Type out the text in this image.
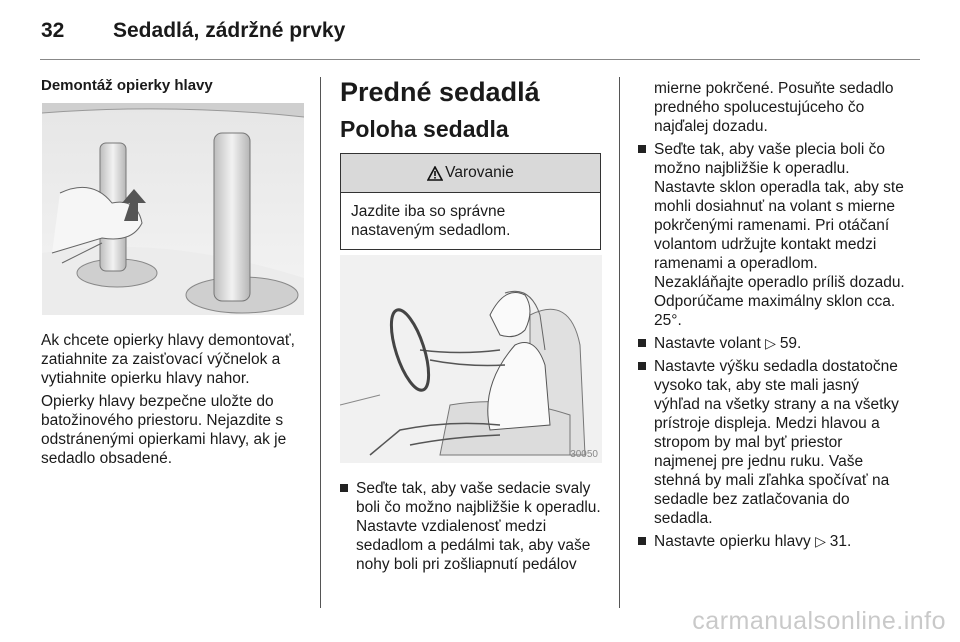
32 Sedadlá, zádržné prvky
Demontáž opierky hlavy

Ak chcete opierky hlavy demontovať, zatiahnite za zaisťovací výčnelok a vytiahnite opierku hlavy nahor.

Opierky hlavy bezpečne uložte do batožinového priestoru. Nejazdite s odstránenými opierkami hlavy, ak je sedadlo obsadené.

Predné sedadlá
Poloha sedadla
Varovanie
Jazdite iba so správne nastaveným sedadlom.
30050
Seďte tak, aby vaše sedacie svaly boli čo možno najbližšie k operadlu. Nastavte vzdialenosť medzi sedadlom a pedálmi tak, aby vaše nohy boli pri zošliapnutí pedálov

mierne pokrčené. Posuňte sedadlo predného spolucestujúceho čo najďalej dozadu.

Seďte tak, aby vaše plecia boli čo možno najbližšie k operadlu. Nastavte sklon operadla tak, aby ste mohli dosiahnuť na volant s mierne pokrčenými ramenami. Pri otáčaní volantom udržujte kontakt medzi ramenami a operadlom. Nezakláňajte operadlo príliš dozadu. Odporúčame maximálny sklon cca. 25°.
Nastavte volant ▷ 59.
Nastavte výšku sedadla dostatočne vysoko tak, aby ste mali jasný výhľad na všetky strany a na všetky prístroje displeja. Medzi hlavou a stropom by mal byť priestor najmenej pre jednu ruku. Vaše stehná by mali zľahka spočívať na sedadle bez zatlačovania do sedadla.
Nastavte opierku hlavy ▷ 31.
carmanualsonline.info
